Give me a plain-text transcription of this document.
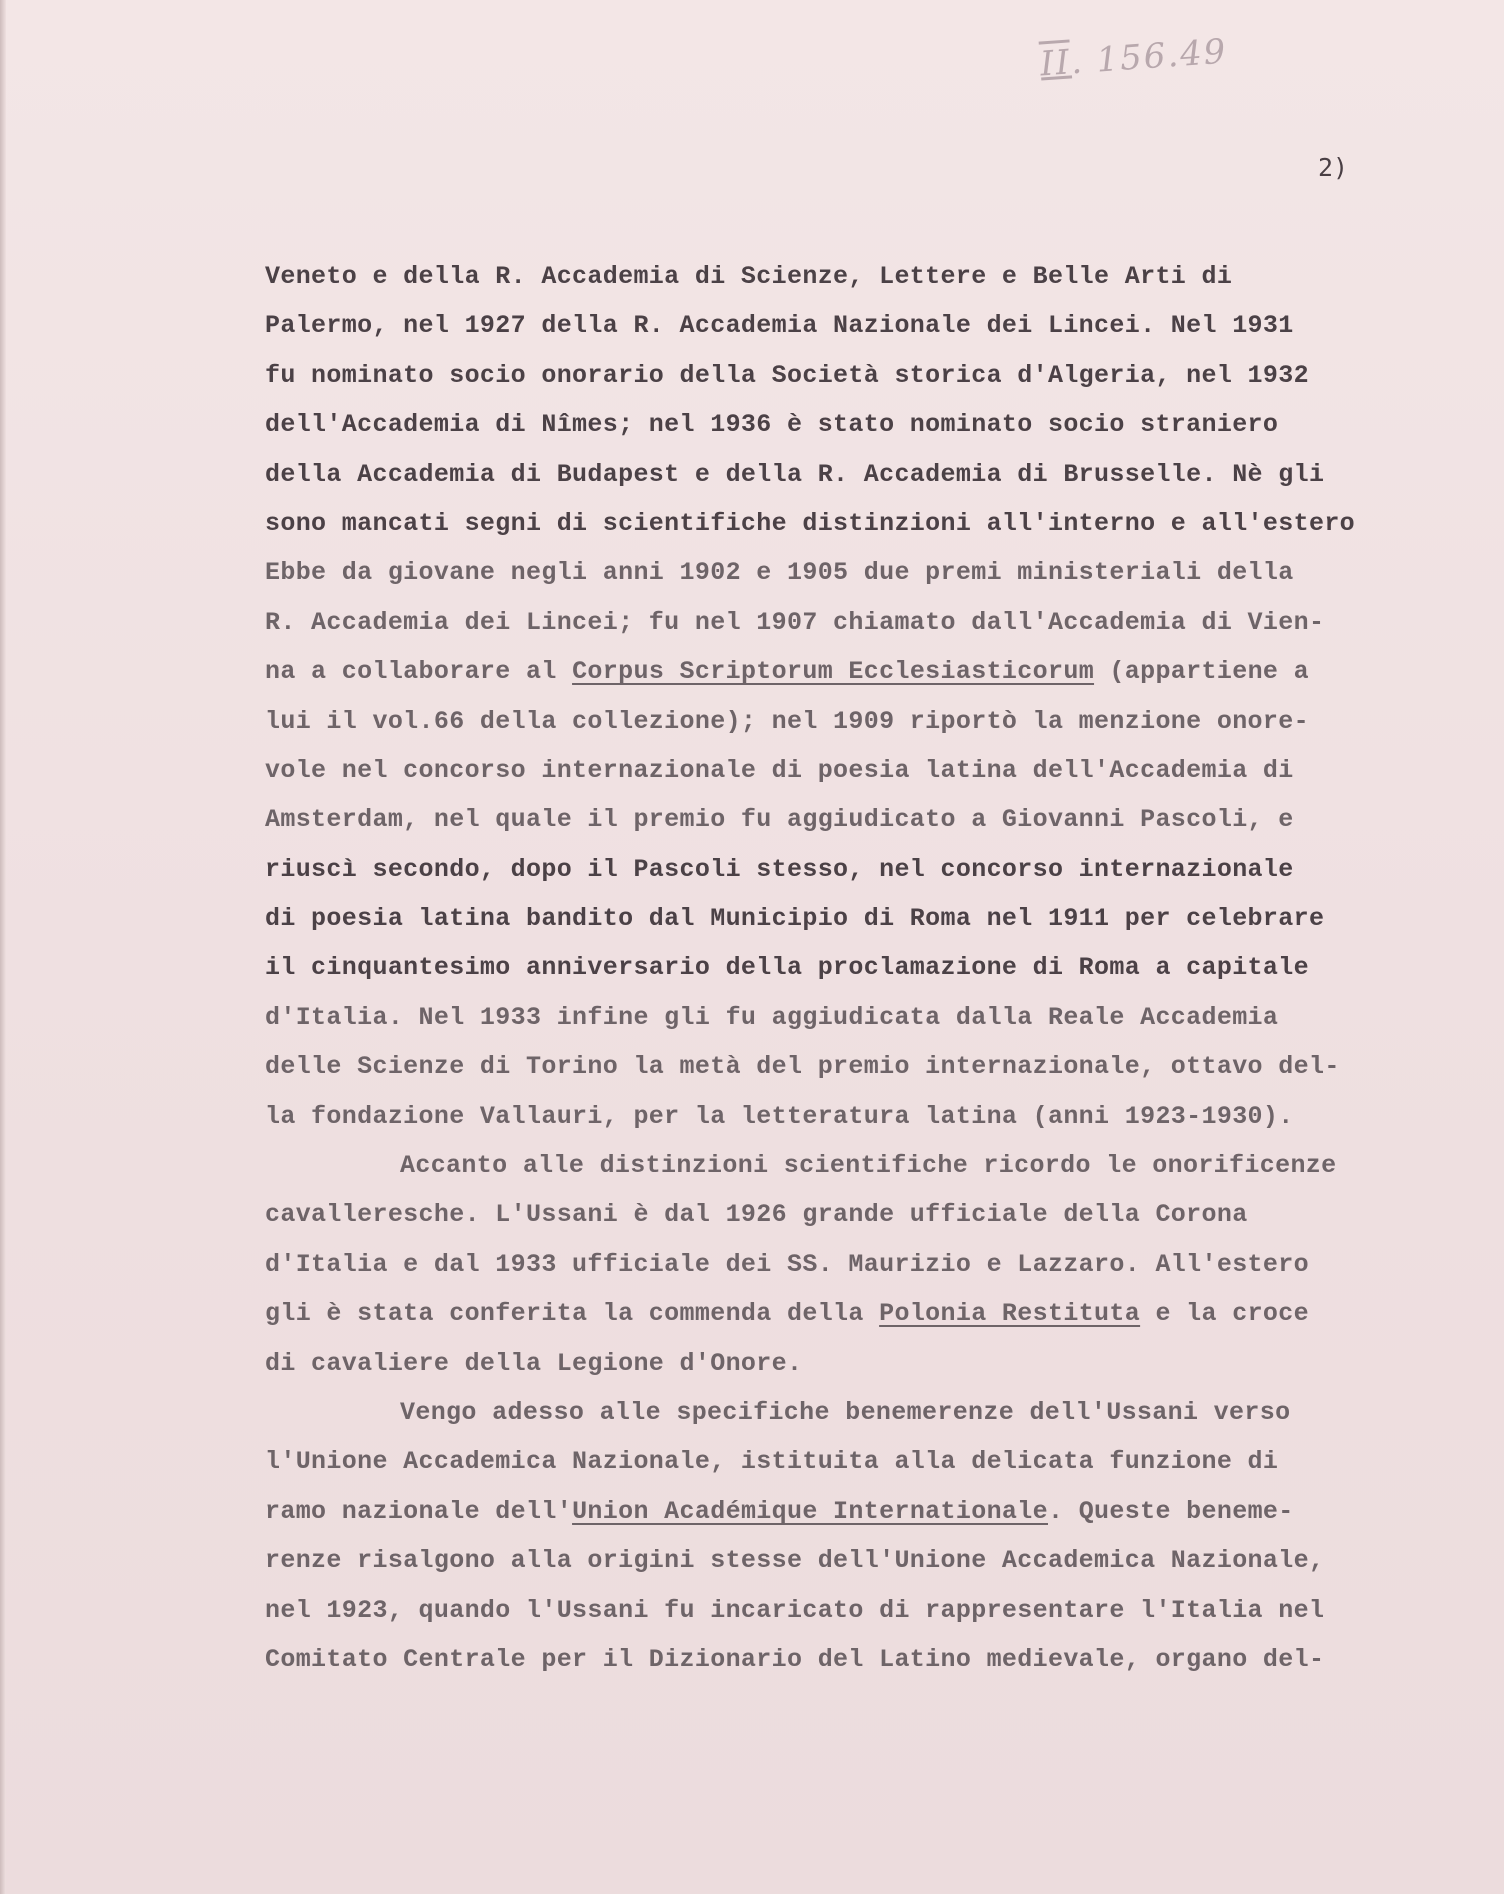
II. 156.49
2)
Veneto e della R. Accademia di Scienze, Lettere e Belle Arti di
Palermo, nel 1927 della R. Accademia Nazionale dei Lincei. Nel 1931
fu nominato socio onorario della Società storica d'Algeria, nel 1932
dell'Accademia di Nîmes; nel 1936 è stato nominato socio straniero
della Accademia di Budapest e della R. Accademia di Brusselle. Nè gli
sono mancati segni di scientifiche distinzioni all'interno e all'estero
Ebbe da giovane negli anni 1902 e 1905 due premi ministeriali della
R. Accademia dei Lincei; fu nel 1907 chiamato dall'Accademia di Vien-
na a collaborare al Corpus Scriptorum Ecclesiasticorum (appartiene a
lui il vol.66 della collezione); nel 1909 riportò la menzione onore-
vole nel concorso internazionale di poesia latina dell'Accademia di
Amsterdam, nel quale il premio fu aggiudicato a Giovanni Pascoli, e
riuscì secondo, dopo il Pascoli stesso, nel concorso internazionale
di poesia latina bandito dal Municipio di Roma nel 1911 per celebrare
il cinquantesimo anniversario della proclamazione di Roma a capitale
d'Italia. Nel 1933 infine gli fu aggiudicata dalla Reale Accademia
delle Scienze di Torino la metà del premio internazionale, ottavo del-
la fondazione Vallauri, per la letteratura latina (anni 1923-1930).
Accanto alle distinzioni scientifiche ricordo le onorificenze
cavalleresche. L'Ussani è dal 1926 grande ufficiale della Corona
d'Italia e dal 1933 ufficiale dei SS. Maurizio e Lazzaro. All'estero
gli è stata conferita la commenda della Polonia Restituta e la croce
di cavaliere della Legione d'Onore.
Vengo adesso alle specifiche benemerenze dell'Ussani verso
l'Unione Accademica Nazionale, istituita alla delicata funzione di
ramo nazionale dell'Union Académique Internationale. Queste beneme-
renze risalgono alla origini stesse dell'Unione Accademica Nazionale,
nel 1923, quando l'Ussani fu incaricato di rappresentare l'Italia nel
Comitato Centrale per il Dizionario del Latino medievale, organo del-
